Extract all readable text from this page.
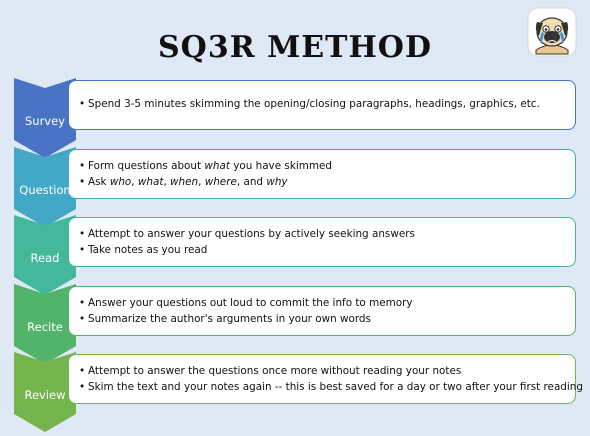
SQ3R METHOD
• Spend 3-5 minutes skimming the opening/closing paragraphs, headings, graphics, etc.
Survey
• Form questions about what you have skimmed
• Ask who, what, when, where, and why
Question
• Attempt to answer your questions by actively seeking answers
• Take notes as you read
Read
• Answer your questions out loud to commit the info to memory
• Summarize the author's arguments in your own words
Recite
• Attempt to answer the questions once more without reading your notes
• Skim the text and your notes again -- this is best saved for a day or two after your first reading
Review
